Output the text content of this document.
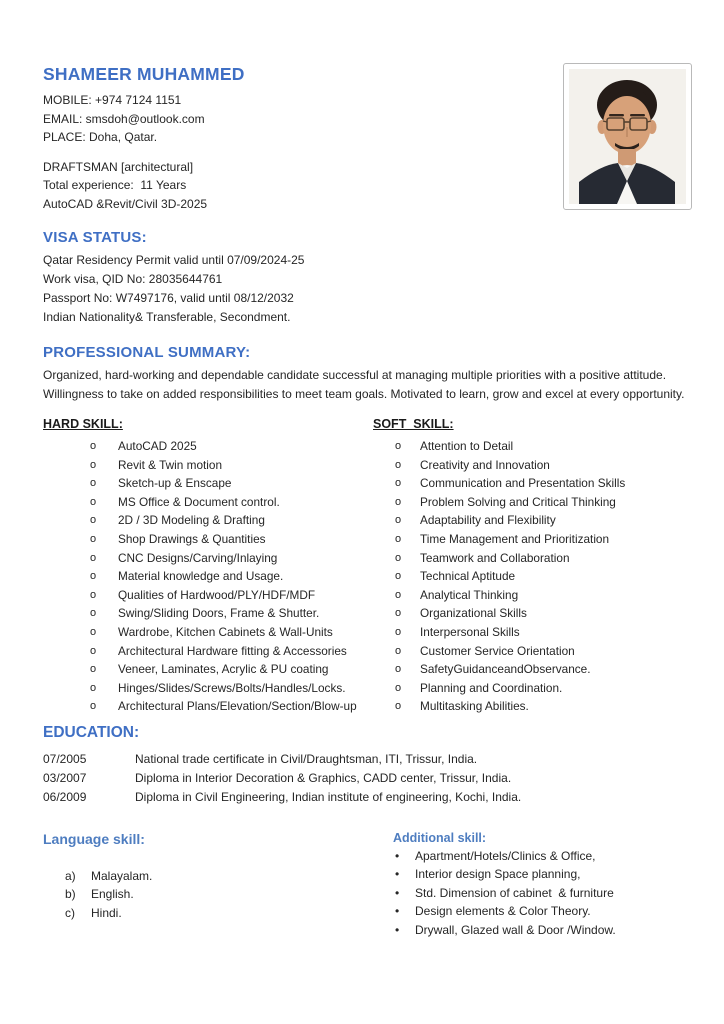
SHAMEER MUHAMMED
MOBILE: +974 7124 1151
EMAIL: smsdoh@outlook.com
PLACE: Doha, Qatar.
DRAFTSMAN [architectural]
Total experience:  11 Years
AutoCAD &Revit/Civil 3D-2025
VISA STATUS:
Qatar Residency Permit valid until 07/09/2024-25
Work visa, QID No: 28035644761
Passport No: W7497176, valid until 08/12/2032
Indian Nationality& Transferable, Secondment.
PROFESSIONAL SUMMARY:
Organized, hard-working and dependable candidate successful at managing multiple priorities with a positive attitude. Willingness to take on added responsibilities to meet team goals. Motivated to learn, grow and excel at every opportunity.
HARD SKILL:
o	AutoCAD 2025
o	Revit & Twin motion
o	Sketch-up & Enscape
o	MS Office & Document control.
o	2D / 3D Modeling & Drafting
o	Shop Drawings & Quantities
o	CNC Designs/Carving/Inlaying
o	Material knowledge and Usage.
o	Qualities of Hardwood/PLY/HDF/MDF
o	Swing/Sliding Doors, Frame & Shutter.
o	Wardrobe, Kitchen Cabinets & Wall-Units
o	Architectural Hardware fitting & Accessories
o	Veneer, Laminates, Acrylic & PU coating
o	Hinges/Slides/Screws/Bolts/Handles/Locks.
o	Architectural Plans/Elevation/Section/Blow-up
SOFT  SKILL:
o	Attention to Detail
o	Creativity and Innovation
o	Communication and Presentation Skills
o	Problem Solving and Critical Thinking
o	Adaptability and Flexibility
o	Time Management and Prioritization
o	Teamwork and Collaboration
o	Technical Aptitude
o	Analytical Thinking
o	Organizational Skills
o	Interpersonal Skills
o	Customer Service Orientation
o	SafetyGuidanceandObservance.
o	Planning and Coordination.
o	Multitasking Abilities.
EDUCATION:
07/2005	National trade certificate in Civil/Draughtsman, ITI, Trissur, India.
03/2007	Diploma in Interior Decoration & Graphics, CADD center, Trissur, India.
06/2009	Diploma in Civil Engineering, Indian institute of engineering, Kochi, India.
Language skill:
a)	Malayalam.
b)	English.
c)	Hindi.
Additional skill:
•	Apartment/Hotels/Clinics & Office,
•	Interior design Space planning,
•	Std. Dimension of cabinet  & furniture
•	Design elements & Color Theory.
•	Drywall, Glazed wall & Door /Window.
